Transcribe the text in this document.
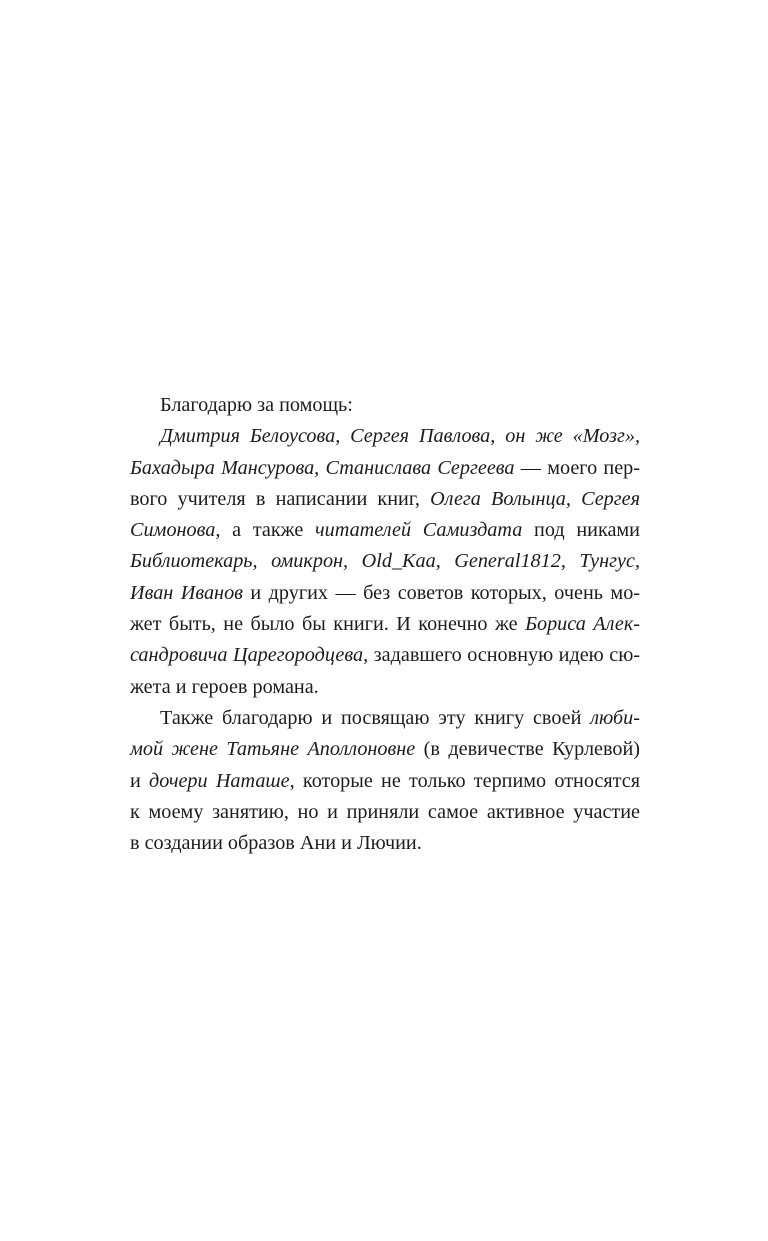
Благодарю за помощь:
Дмитрия Белоусова, Сергея Павлова, он же «Мозг»,
Бахадыра Мансурова, Станислава Сергеева — моего пер-
вого учителя в написании книг, Олега Волынца, Сергея
Симонова, а также читателей Самиздата под никами
Библиотекарь, омикрон, Old_Kaa, General1812, Тунгус,
Иван Иванов и других — без советов которых, очень мо-
жет быть, не было бы книги. И конечно же Бориса Алек-
сандровича Царегородцева, задавшего основную идею сю-
жета и героев романа.
Также благодарю и посвящаю эту книгу своей люби-
мой жене Татьяне Аполлоновне (в девичестве Курлевой)
и дочери Наташе, которые не только терпимо относятся
к моему занятию, но и приняли самое активное участие
в создании образов Ани и Лючии.
